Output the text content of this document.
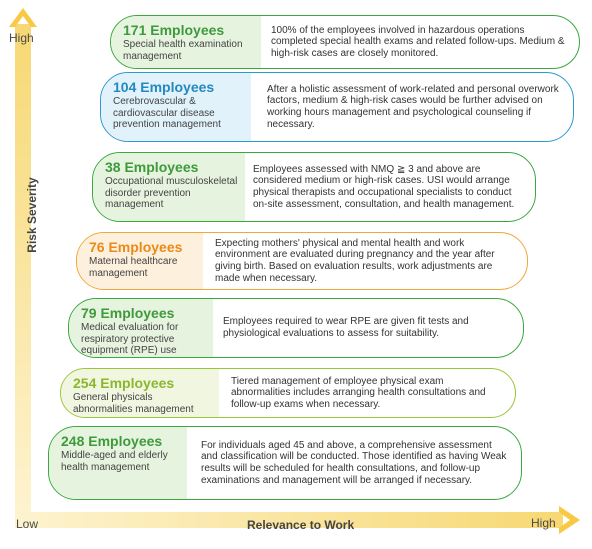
High
Risk Severity
Low	Relevance to Work	High
171 Employees
Special health examination management
100% of the employees involved in hazardous operations completed special health exams and related follow-ups. Medium & high-risk cases are closely monitored.
104 Employees
Cerebrovascular & cardiovascular disease prevention management
After a holistic assessment of work-related and personal overwork factors, medium & high-risk cases would be further advised on working hours management and psychological counseling if necessary.
38 Employees
Occupational musculoskeletal disorder prevention management
Employees assessed with NMQ ≧ 3 and above are considered medium or high-risk cases. USI would arrange physical therapists and occupational specialists to conduct on-site assessment, consultation, and health management.
76 Employees
Maternal healthcare management
Expecting mothers' physical and mental health and work environment are evaluated during pregnancy and the year after giving birth. Based on evaluation results, work adjustments are made when necessary.
79 Employees
Medical evaluation for respiratory protective equipment (RPE) use
Employees required to wear RPE are given fit tests and physiological evaluations to assess for suitability.
254 Employees
General physicals abnormalities management
Tiered management of employee physical exam abnormalities includes arranging health consultations and follow-up exams when necessary.
248 Employees
Middle-aged and elderly health management
For individuals aged 45 and above, a comprehensive assessment and classification will be conducted. Those identified as having Weak results will be scheduled for health consultations, and follow-up examinations and management will be arranged if necessary.
